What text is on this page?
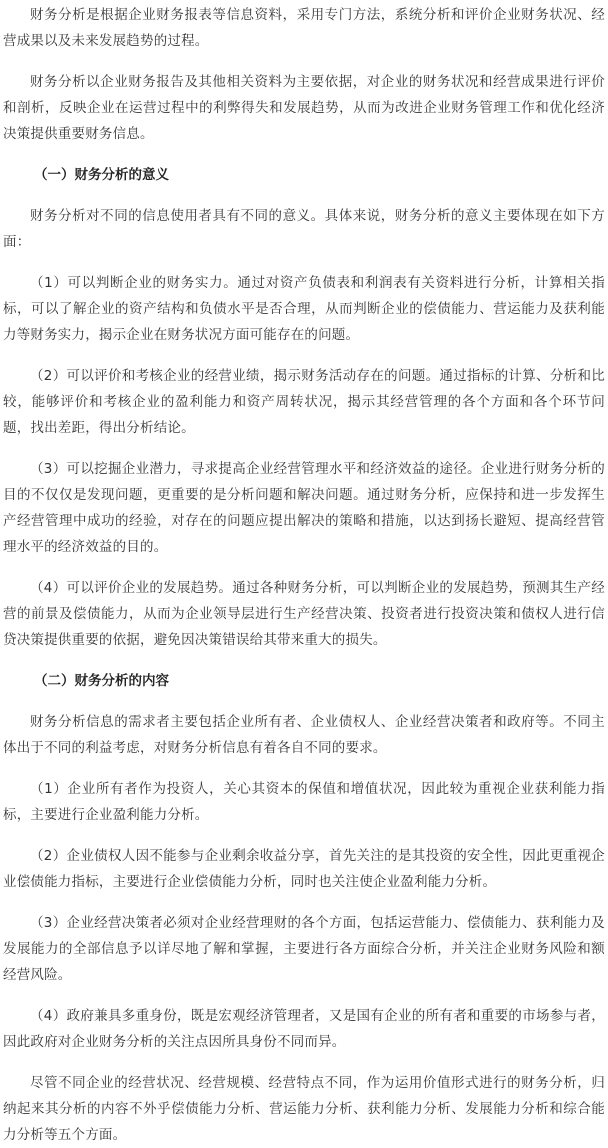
财务分析是根据企业财务报表等信息资料，采用专门方法，系统分析和评价企业财务状况、经营成果以及未来发展趋势的过程。

财务分析以企业财务报告及其他相关资料为主要依据，对企业的财务状况和经营成果进行评价和剖析，反映企业在运营过程中的利弊得失和发展趋势，从而为改进企业财务管理工作和优化经济决策提供重要财务信息。

（一）财务分析的意义

财务分析对不同的信息使用者具有不同的意义。具体来说，财务分析的意义主要体现在如下方面：

（1）可以判断企业的财务实力。通过对资产负债表和利润表有关资料进行分析，计算相关指标，可以了解企业的资产结构和负债水平是否合理，从而判断企业的偿债能力、营运能力及获利能力等财务实力，揭示企业在财务状况方面可能存在的问题。

（2）可以评价和考核企业的经营业绩，揭示财务活动存在的问题。通过指标的计算、分析和比较，能够评价和考核企业的盈利能力和资产周转状况，揭示其经营管理的各个方面和各个环节问题，找出差距，得出分析结论。

（3）可以挖掘企业潜力，寻求提高企业经营管理水平和经济效益的途径。企业进行财务分析的目的不仅仅是发现问题，更重要的是分析问题和解决问题。通过财务分析，应保持和进一步发挥生产经营管理中成功的经验，对存在的问题应提出解决的策略和措施，以达到扬长避短、提高经营管理水平的经济效益的目的。

（4）可以评价企业的发展趋势。通过各种财务分析，可以判断企业的发展趋势，预测其生产经营的前景及偿债能力，从而为企业领导层进行生产经营决策、投资者进行投资决策和债权人进行信贷决策提供重要的依据，避免因决策错误给其带来重大的损失。

（二）财务分析的内容

财务分析信息的需求者主要包括企业所有者、企业债权人、企业经营决策者和政府等。不同主体出于不同的利益考虑，对财务分析信息有着各自不同的要求。

（1）企业所有者作为投资人，关心其资本的保值和增值状况，因此较为重视企业获利能力指标，主要进行企业盈利能力分析。

（2）企业债权人因不能参与企业剩余收益分享，首先关注的是其投资的安全性，因此更重视企业偿债能力指标，主要进行企业偿债能力分析，同时也关注使企业盈利能力分析。

（3）企业经营决策者必须对企业经营理财的各个方面，包括运营能力、偿债能力、获利能力及发展能力的全部信息予以详尽地了解和掌握，主要进行各方面综合分析，并关注企业财务风险和额经营风险。

（4）政府兼具多重身份，既是宏观经济管理者，又是国有企业的所有者和重要的市场参与者，因此政府对企业财务分析的关注点因所具身份不同而异。

尽管不同企业的经营状况、经营规模、经营特点不同，作为运用价值形式进行的财务分析，归纳起来其分析的内容不外乎偿债能力分析、营运能力分析、获利能力分析、发展能力分析和综合能力分析等五个方面。
